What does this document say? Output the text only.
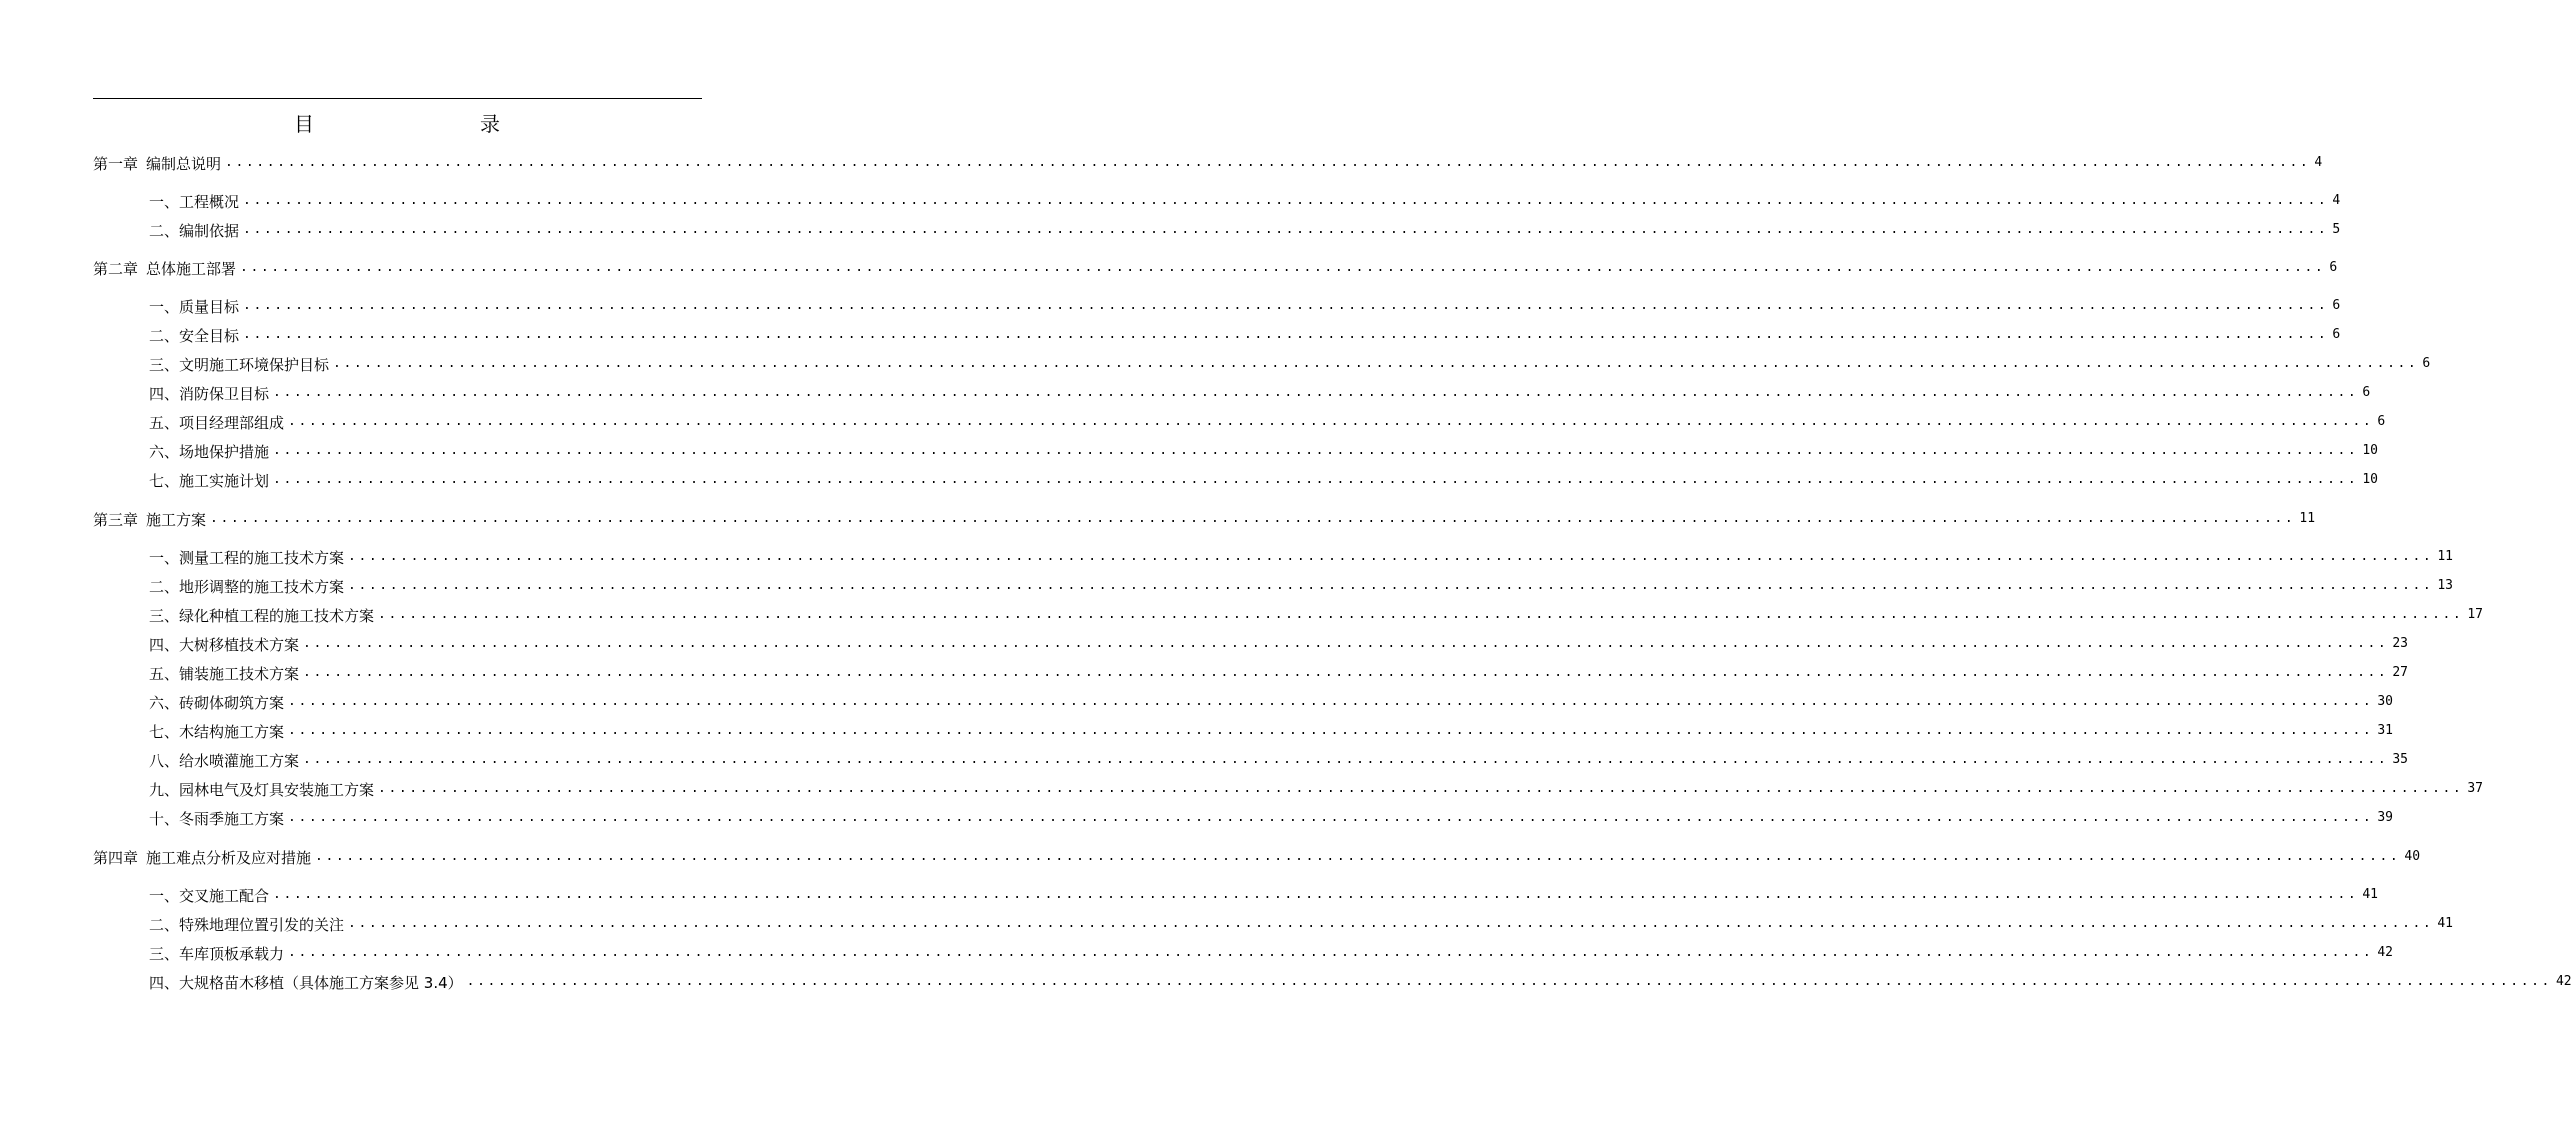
目　　录
第一章 编制总说明 ........................................................................................................................................................................................................ 4
一、工程概况 ........................................................................................................................................................................................................ 4
二、编制依据 ........................................................................................................................................................................................................ 5
第二章 总体施工部署 ........................................................................................................................................................................................................ 6
一、质量目标 ........................................................................................................................................................................................................ 6
二、安全目标 ........................................................................................................................................................................................................ 6
三、文明施工环境保护目标 ........................................................................................................................................................................................................ 6
四、消防保卫目标 ........................................................................................................................................................................................................ 6
五、项目经理部组成 ........................................................................................................................................................................................................ 6
六、场地保护措施 ........................................................................................................................................................................................................ 10
七、施工实施计划 ........................................................................................................................................................................................................ 10
第三章 施工方案 ........................................................................................................................................................................................................ 11
一、测量工程的施工技术方案 ........................................................................................................................................................................................................ 11
二、地形调整的施工技术方案 ........................................................................................................................................................................................................ 13
三、绿化种植工程的施工技术方案 ........................................................................................................................................................................................................ 17
四、大树移植技术方案 ........................................................................................................................................................................................................ 23
五、铺装施工技术方案 ........................................................................................................................................................................................................ 27
六、砖砌体砌筑方案 ........................................................................................................................................................................................................ 30
七、木结构施工方案 ........................................................................................................................................................................................................ 31
八、给水喷灌施工方案 ........................................................................................................................................................................................................ 35
九、园林电气及灯具安装施工方案 ........................................................................................................................................................................................................ 37
十、冬雨季施工方案 ........................................................................................................................................................................................................ 39
第四章 施工难点分析及应对措施 ........................................................................................................................................................................................................ 40
一、交叉施工配合 ........................................................................................................................................................................................................ 41
二、特殊地理位置引发的关注 ........................................................................................................................................................................................................ 41
三、车库顶板承载力 ........................................................................................................................................................................................................ 42
四、大规格苗木移植（具体施工方案参见 3.4） ........................................................................................................................................................................................................ 42
